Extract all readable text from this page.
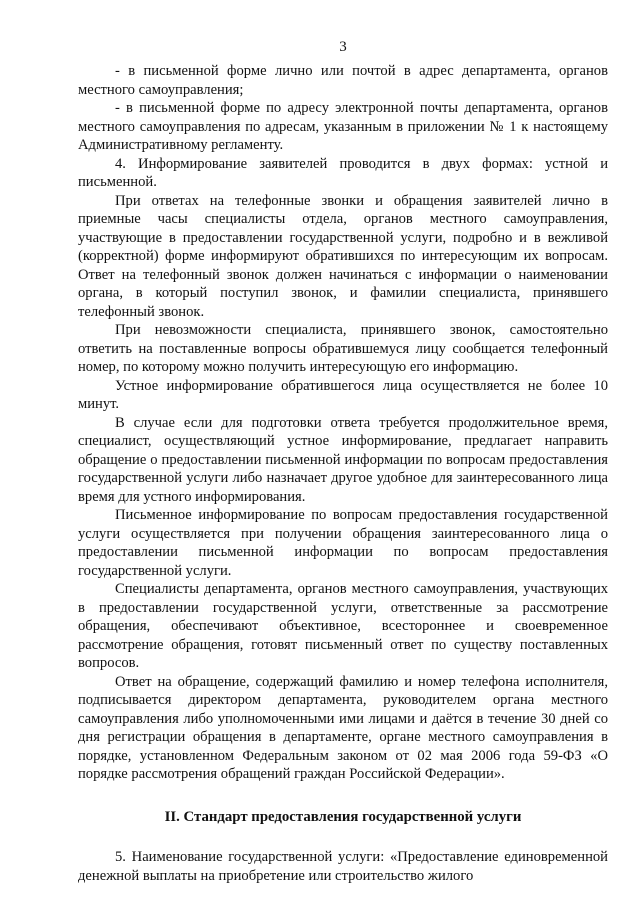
3

- в письменной форме лично или почтой в адрес департамента, органов местного самоуправления;

- в письменной форме по адресу электронной почты департамента, органов местного самоуправления по адресам, указанным в приложении № 1 к настоящему Административному регламенту.

4. Информирование заявителей проводится в двух формах: устной и письменной.

При ответах на телефонные звонки и обращения заявителей лично в приемные часы специалисты отдела, органов местного самоуправления, участвующие в предоставлении государственной услуги, подробно и в вежливой (корректной) форме информируют обратившихся по интересующим их вопросам. Ответ на телефонный звонок должен начинаться с информации о наименовании органа, в который поступил звонок, и фамилии специалиста, принявшего телефонный звонок.

При невозможности специалиста, принявшего звонок, самостоятельно ответить на поставленные вопросы обратившемуся лицу сообщается телефонный номер, по которому можно получить интересующую его информацию.

Устное информирование обратившегося лица осуществляется не более 10 минут.

В случае если для подготовки ответа требуется продолжительное время, специалист, осуществляющий устное информирование, предлагает направить обращение о предоставлении письменной информации по вопросам предоставления государственной услуги либо назначает другое удобное для заинтересованного лица время для устного информирования.

Письменное информирование по вопросам предоставления государственной услуги осуществляется при получении обращения заинтересованного лица о предоставлении письменной информации по вопросам предоставления государственной услуги.

Специалисты департамента, органов местного самоуправления, участвующих в предоставлении государственной услуги, ответственные за рассмотрение обращения, обеспечивают объективное, всестороннее и своевременное рассмотрение обращения, готовят письменный ответ по существу поставленных вопросов.

Ответ на обращение, содержащий фамилию и номер телефона исполнителя, подписывается директором департамента, руководителем органа местного самоуправления либо уполномоченными ими лицами и даётся в течение 30 дней со дня регистрации обращения в департаменте, органе местного самоуправления в порядке, установленном Федеральным законом от 02 мая 2006 года 59-ФЗ «О порядке рассмотрения обращений граждан Российской Федерации».

II. Стандарт предоставления государственной услуги

5. Наименование государственной услуги: «Предоставление единовременной денежной выплаты на приобретение или строительство жилого
